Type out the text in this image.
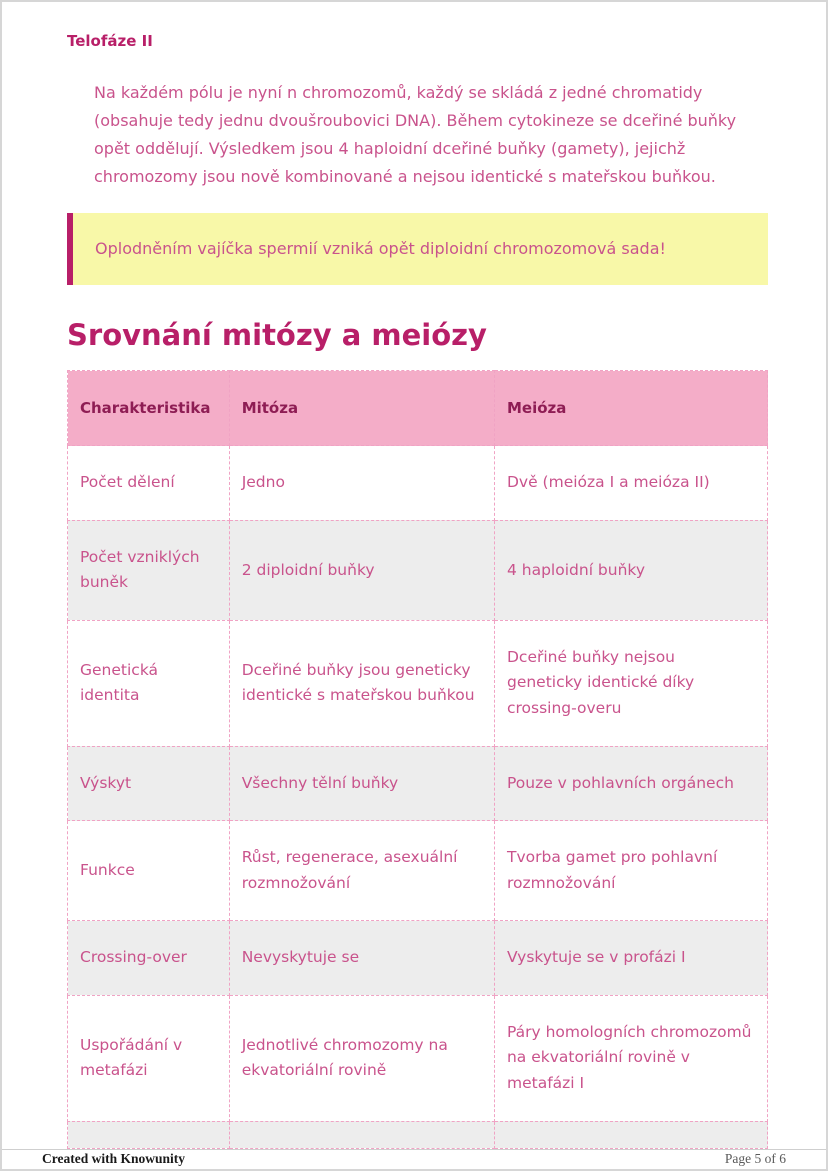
Telofáze II

Na každém pólu je nyní n chromozomů, každý se skládá z jedné chromatidy (obsahuje tedy jednu dvoušroubovici DNA). Během cytokineze se dceřiné buňky opět oddělují. Výsledkem jsou 4 haploidní dceřiné buňky (gamety), jejichž chromozomy jsou nově kombinované a nejsou identické s mateřskou buňkou.

Oplodněním vajíčka spermií vzniká opět diploidní chromozomová sada!
Srovnání mitózy a meiózy
Charakteristika	Mitóza	Meióza
Počet dělení	Jedno	Dvě (meióza I a meióza II)
Počet vzniklých buněk	2 diploidní buňky	4 haploidní buňky
Genetická identita	Dceřiné buňky jsou geneticky identické s mateřskou buňkou	Dceřiné buňky nejsou geneticky identické díky crossing-overu
Výskyt	Všechny tělní buňky	Pouze v pohlavních orgánech
Funkce	Růst, regenerace, asexuální rozmnožování	Tvorba gamet pro pohlavní rozmnožování
Crossing-over	Nevyskytuje se	Vyskytuje se v profázi I
Uspořádání v metafázi	Jednotlivé chromozomy na ekvatoriální rovině	Páry homologních chromozomů na ekvatoriální rovině v metafázi I

Created with Knowunity	Page 5 of 6
